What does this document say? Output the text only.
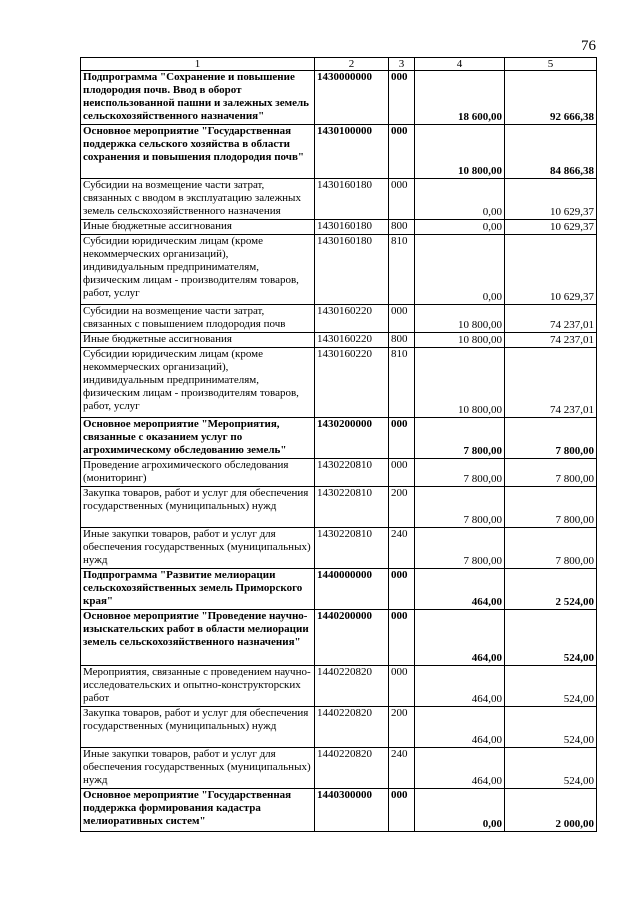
76
1	2	3	4	5
Подпрограмма "Сохранение и повышение плодородия почв. Ввод в оборот неиспользованной пашни и залежных земель сельскохозяйственного назначения"	1430000000	000	18 600,00	92 666,38
Основное мероприятие "Государственная поддержка сельского хозяйства в области сохранения и повышения плодородия почв"	1430100000	000	10 800,00	84 866,38
Субсидии на возмещение части затрат, связанных с вводом в эксплуатацию залежных земель сельскохозяйственного назначения	1430160180	000	0,00	10 629,37
Иные бюджетные ассигнования	1430160180	800	0,00	10 629,37
Субсидии юридическим лицам (кроме некоммерческих организаций), индивидуальным предпринимателям, физическим лицам - производителям товаров, работ, услуг	1430160180	810	0,00	10 629,37
Субсидии на возмещение части затрат, связанных с повышением плодородия почв	1430160220	000	10 800,00	74 237,01
Иные бюджетные ассигнования	1430160220	800	10 800,00	74 237,01
Субсидии юридическим лицам (кроме некоммерческих организаций), индивидуальным предпринимателям, физическим лицам - производителям товаров, работ, услуг	1430160220	810	10 800,00	74 237,01
Основное мероприятие "Мероприятия, связанные с оказанием услуг по агрохимическому обследованию земель"	1430200000	000	7 800,00	7 800,00
Проведение агрохимического обследования (мониторинг)	1430220810	000	7 800,00	7 800,00
Закупка товаров, работ и услуг для обеспечения государственных (муниципальных) нужд	1430220810	200	7 800,00	7 800,00
Иные закупки товаров, работ и услуг для обеспечения государственных (муниципальных) нужд	1430220810	240	7 800,00	7 800,00
Подпрограмма "Развитие мелиорации сельскохозяйственных земель Приморского края"	1440000000	000	464,00	2 524,00
Основное мероприятие "Проведение научно-изыскательских работ в области мелиорации земель сельскохозяйственного назначения"	1440200000	000	464,00	524,00
Мероприятия, связанные с проведением научно-исследовательских и опытно-конструкторских работ	1440220820	000	464,00	524,00
Закупка товаров, работ и услуг для обеспечения государственных (муниципальных) нужд	1440220820	200	464,00	524,00
Иные закупки товаров, работ и услуг для обеспечения государственных (муниципальных) нужд	1440220820	240	464,00	524,00
Основное мероприятие "Государственная поддержка формирования кадастра мелиоративных систем"	1440300000	000	0,00	2 000,00
